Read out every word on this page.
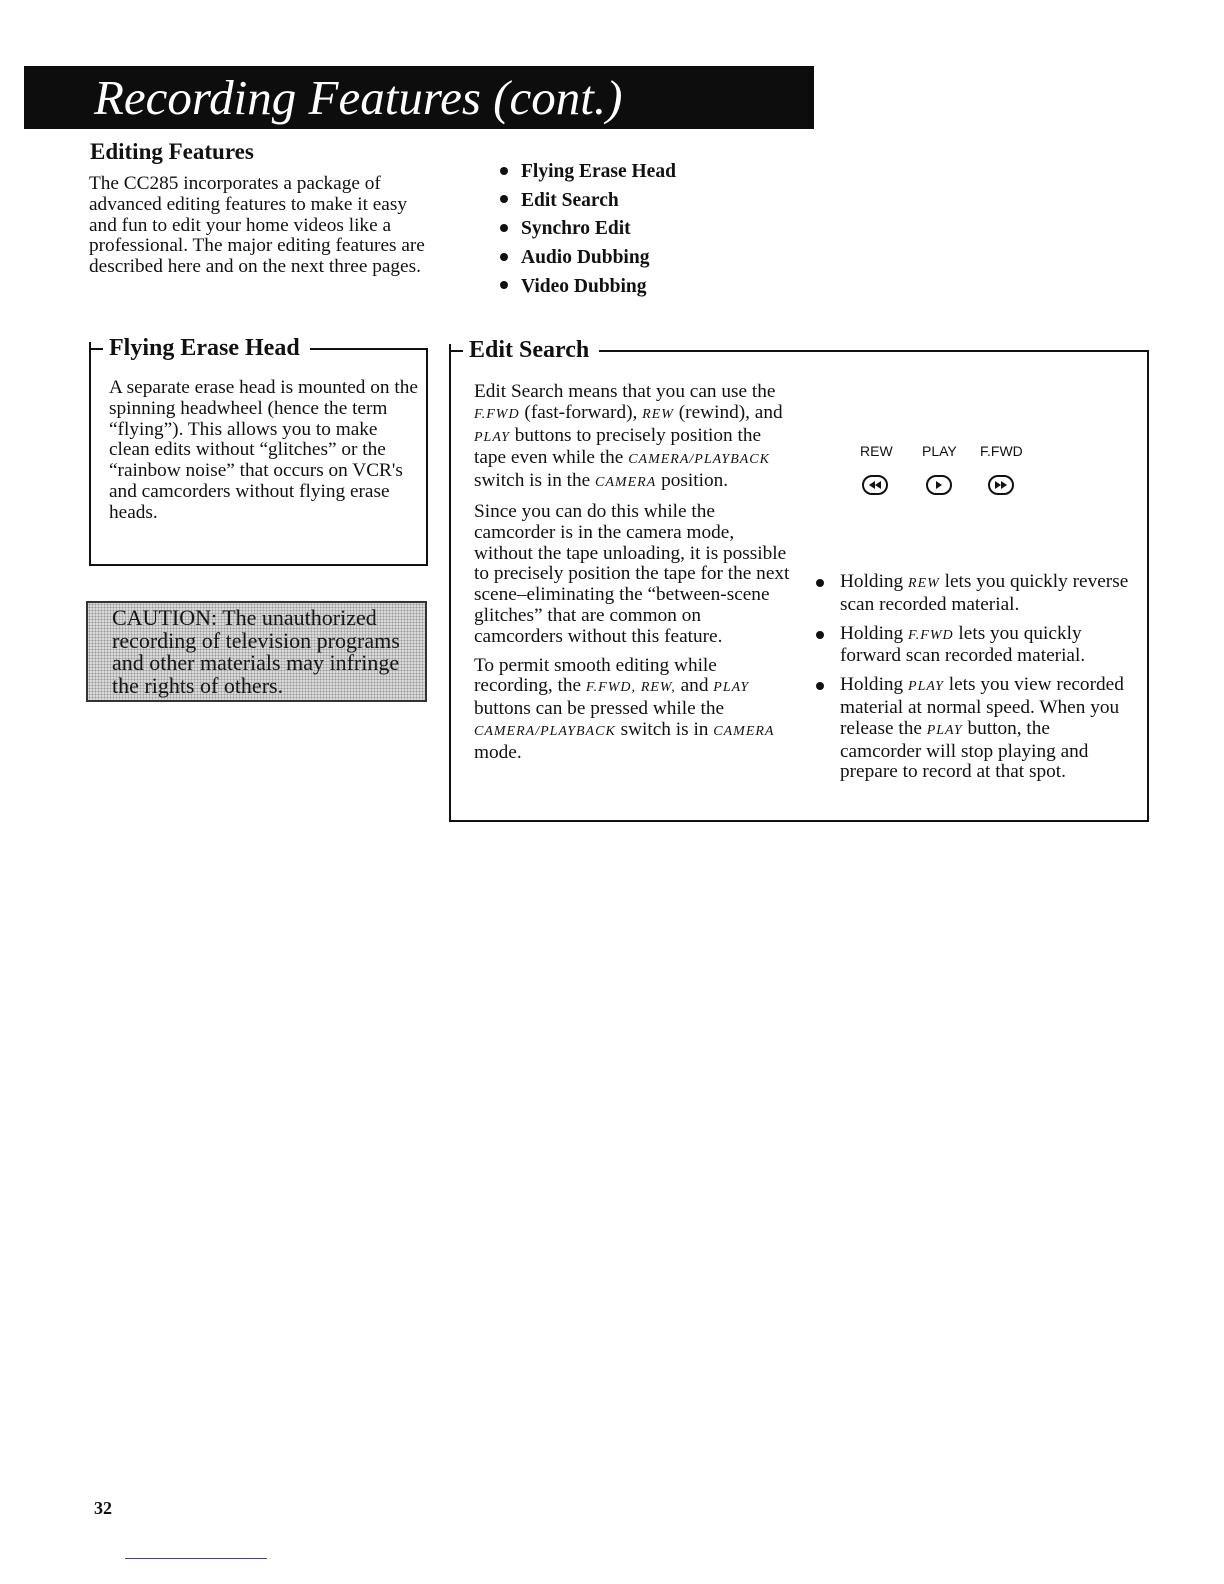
Recording Features (cont.)
Editing Features
The CC285 incorporates a package of advanced editing features to make it easy and fun to edit your home videos like a professional. The major editing features are described here and on the next three pages.
Flying Erase Head
Edit Search
Synchro Edit
Audio Dubbing
Video Dubbing
Flying Erase Head
A separate erase head is mounted on the spinning headwheel (hence the term “flying”). This allows you to make clean edits without “glitches” or the “rainbow noise” that occurs on VCR's and camcorders without flying erase heads.
CAUTION: The unauthorized recording of television programs and other materials may infringe the rights of others.
Edit Search

Edit Search means that you can use the F.FWD (fast-forward), REW (rewind), and PLAY buttons to precisely position the tape even while the CAMERA/PLAYBACK switch is in the CAMERA position.

Since you can do this while the camcorder is in the camera mode, without the tape unloading, it is possible to precisely position the tape for the next scene–eliminating the “between-scene glitches” that are common on camcorders without this feature.

To permit smooth editing while recording, the F.FWD, REW, and PLAY buttons can be pressed while the CAMERA/PLAYBACK switch is in CAMERA mode.

REW PLAY F.FWD
Holding REW lets you quickly reverse scan recorded material.
Holding F.FWD lets you quickly forward scan recorded material.
Holding PLAY lets you view recorded material at normal speed. When you release the PLAY button, the camcorder will stop playing and prepare to record at that spot.
32
